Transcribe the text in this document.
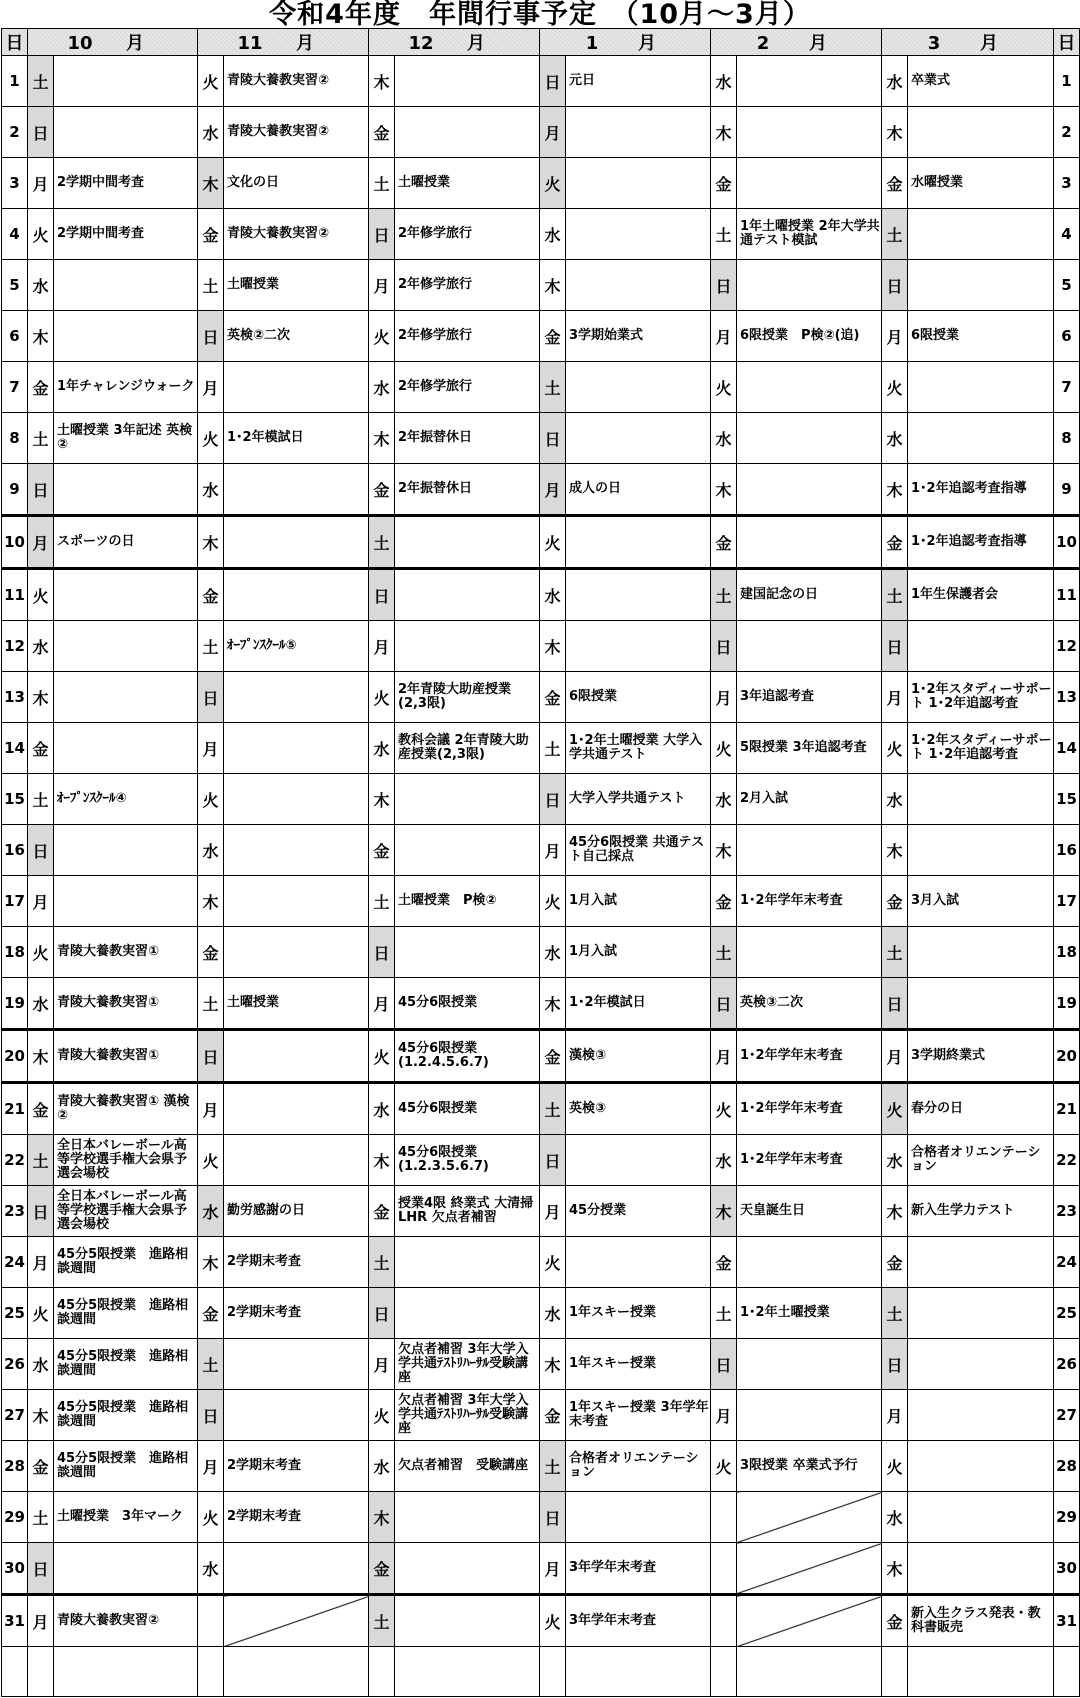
令和4年度　年間行事予定　（10月～3月）
日	10 月		11 月		12 月		1 月		2 月		3 月		日
1	土		火	青陵大養教実習②	木		日	元日	水		水	卒業式	1
2	日		水	青陵大養教実習②	金		月		木		木		2
3	月	2学期中間考査	木	文化の日	土	土曜授業	火		金		金	水曜授業	3
4	火	2学期中間考査	金	青陵大養教実習②	日	2年修学旅行	水		土	1年土曜授業 2年大学共通テスト模試	土		4
5	水		土	土曜授業	月	2年修学旅行	木		日		日		5
6	木		日	英検②二次	火	2年修学旅行	金	3学期始業式	月	6限授業　P検②(追)	月	6限授業	6
7	金	1年チャレンジウォーク	月		水	2年修学旅行	土		火		火		7
8	土	土曜授業 3年記述 英検②	火	1･2年模試日	木	2年振替休日	日		水		水		8
9	日		水		金	2年振替休日	月	成人の日	木		木	1･2年追認考査指導	9
10	月	スポーツの日	木		土		火		金		金	1･2年追認考査指導	10
11	火		金		日		水		土	建国記念の日	土	1年生保護者会	11
12	水		土	ｵｰﾌﾟﾝｽｸｰﾙ⑤	月		木		日		日		12
13	木		日		火	2年青陵大助産授業(2,3限)	金	6限授業	月	3年追認考査	月	1･2年スタディーサポート 1･2年追認考査	13
14	金		月		水	教科会議 2年青陵大助産授業(2,3限)	土	1･2年土曜授業 大学入学共通テスト	火	5限授業 3年追認考査	火	1･2年スタディーサポート 1･2年追認考査	14
15	土	ｵｰﾌﾟﾝｽｸｰﾙ④	火		木		日	大学入学共通テスト	水	2月入試	水		15
16	日		水		金		月	45分6限授業 共通テスト自己採点	木		木		16
17	月		木		土	土曜授業　P検②	火	1月入試	金	1･2年学年末考査	金	3月入試	17
18	火	青陵大養教実習①	金		日		水	1月入試	土		土		18
19	水	青陵大養教実習①	土	土曜授業	月	45分6限授業	木	1･2年模試日	日	英検③二次	日		19
20	木	青陵大養教実習①	日		火	45分6限授業(1.2.4.5.6.7)	金	漢検③	月	1･2年学年末考査	月	3学期終業式	20
21	金	青陵大養教実習① 漢検②	月		水	45分6限授業	土	英検③	火	1･2年学年末考査	火	春分の日	21
22	土	全日本バレーボール高等学校選手権大会県予選会場校	火		木	45分6限授業(1.2.3.5.6.7)	日		水	1･2年学年末考査	水	合格者オリエンテーション	22
23	日	全日本バレーボール高等学校選手権大会県予選会場校	水	勤労感謝の日	金	授業4限 終業式 大清掃 LHR 欠点者補習	月	45分授業	木	天皇誕生日	木	新入生学力テスト	23
24	月	45分5限授業　進路相談週間	木	2学期末考査	土		火		金		金		24
25	火	45分5限授業　進路相談週間	金	2学期末考査	日		水	1年スキー授業	土	1･2年土曜授業	土		25
26	水	45分5限授業　進路相談週間	土		月	欠点者補習 3年大学入学共通ﾃｽﾄﾘﾊｰｻﾙ受験講座	木	1年スキー授業	日		日		26
27	木	45分5限授業　進路相談週間	日		火	欠点者補習 3年大学入学共通ﾃｽﾄﾘﾊｰｻﾙ受験講座	金	1年スキー授業 3年学年末考査	月		月		27
28	金	45分5限授業　進路相談週間	月	2学期末考査	水	欠点者補習　受験講座	土	合格者オリエンテーション	火	3限授業 卒業式予行	火		28
29	土	土曜授業　3年マーク	火	2学期末考査	木		日				水		29
30	日		水		金		月	3年学年末考査			木		30
31	月	青陵大養教実習②			土		火	3年学年末考査			金	新入生クラス発表・教科書販売	31
